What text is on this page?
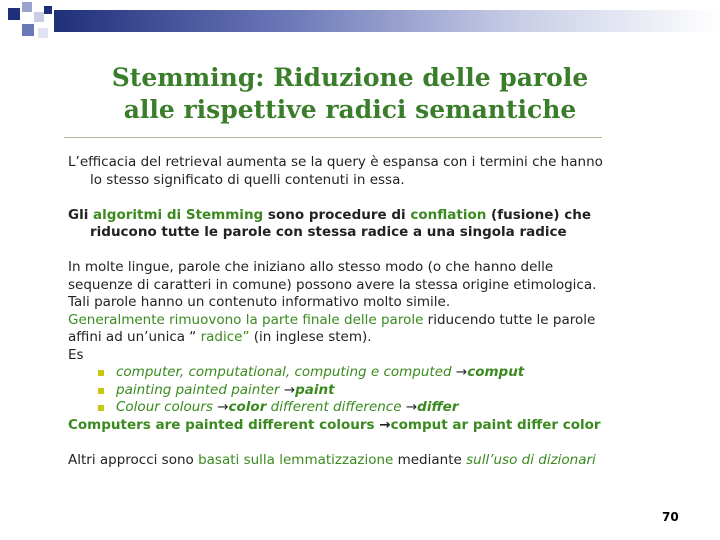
Stemming: Riduzione delle parole
alle rispettive radici semantiche

L’efficacia del retrieval aumenta se la query è espansa con i termini che hanno
lo stesso significato di quelli contenuti in essa.

Gli algoritmi di Stemming sono procedure di conflation (fusione) che
riducono tutte le parole con stessa radice a una singola radice

In molte lingue, parole che iniziano allo stesso modo (o che hanno delle
sequenze di caratteri in comune) possono avere la stessa origine etimologica.
Tali parole hanno un contenuto informativo molto simile.

Generalmente rimuovono la parte finale delle parole riducendo tutte le parole
affini ad un’unica “ radice” (in inglese stem).

Es

computer, computational, computing e computed →comput
painting painted painter →paint
Colour colours →color different difference →differ

Computers are painted different colours →comput ar paint differ color

Altri approcci sono basati sulla lemmatizzazione mediante sull’uso di dizionari

70
